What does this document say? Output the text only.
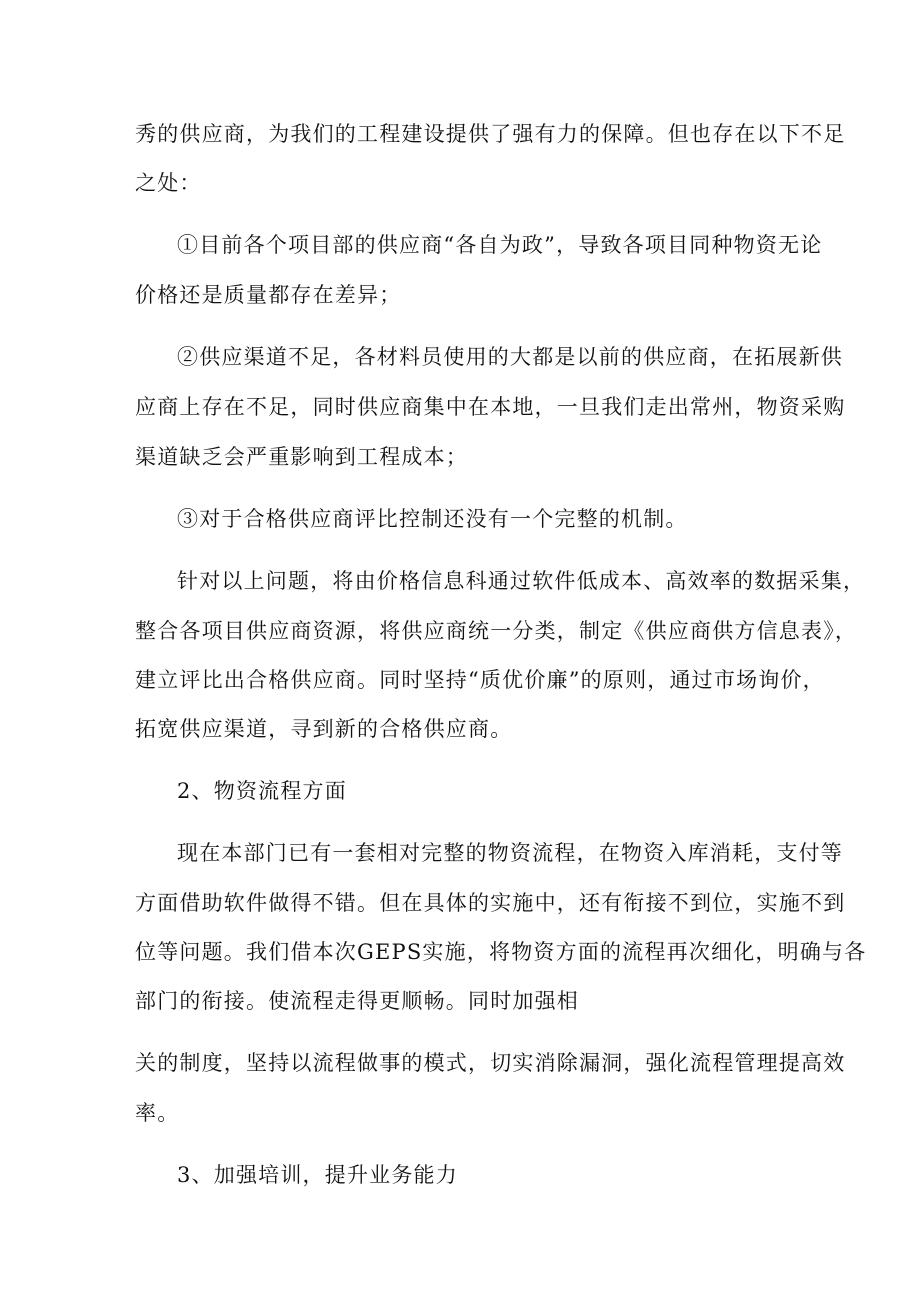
秀的供应商，为我们的工程建设提供了强有力的保障。但也存在以下不足
之处：
①目前各个项目部的供应商“各自为政”，导致各项目同种物资无论
价格还是质量都存在差异；
②供应渠道不足，各材料员使用的大都是以前的供应商，在拓展新供
应商上存在不足，同时供应商集中在本地，一旦我们走出常州，物资采购
渠道缺乏会严重影响到工程成本；
③对于合格供应商评比控制还没有一个完整的机制。
针对以上问题，将由价格信息科通过软件低成本、高效率的数据采集，
整合各项目供应商资源，将供应商统一分类，制定《供应商供方信息表》，
建立评比出合格供应商。同时坚持“质优价廉”的原则，通过市场询价，
拓宽供应渠道，寻到新的合格供应商。
2、物资流程方面
现在本部门已有一套相对完整的物资流程，在物资入库消耗，支付等
方面借助软件做得不错。但在具体的实施中，还有衔接不到位，实施不到
位等问题。我们借本次GEPS实施，将物资方面的流程再次细化，明确与各
部门的衔接。使流程走得更顺畅。同时加强相
关的制度，坚持以流程做事的模式，切实消除漏洞，强化流程管理提高效
率。
3、加强培训，提升业务能力
